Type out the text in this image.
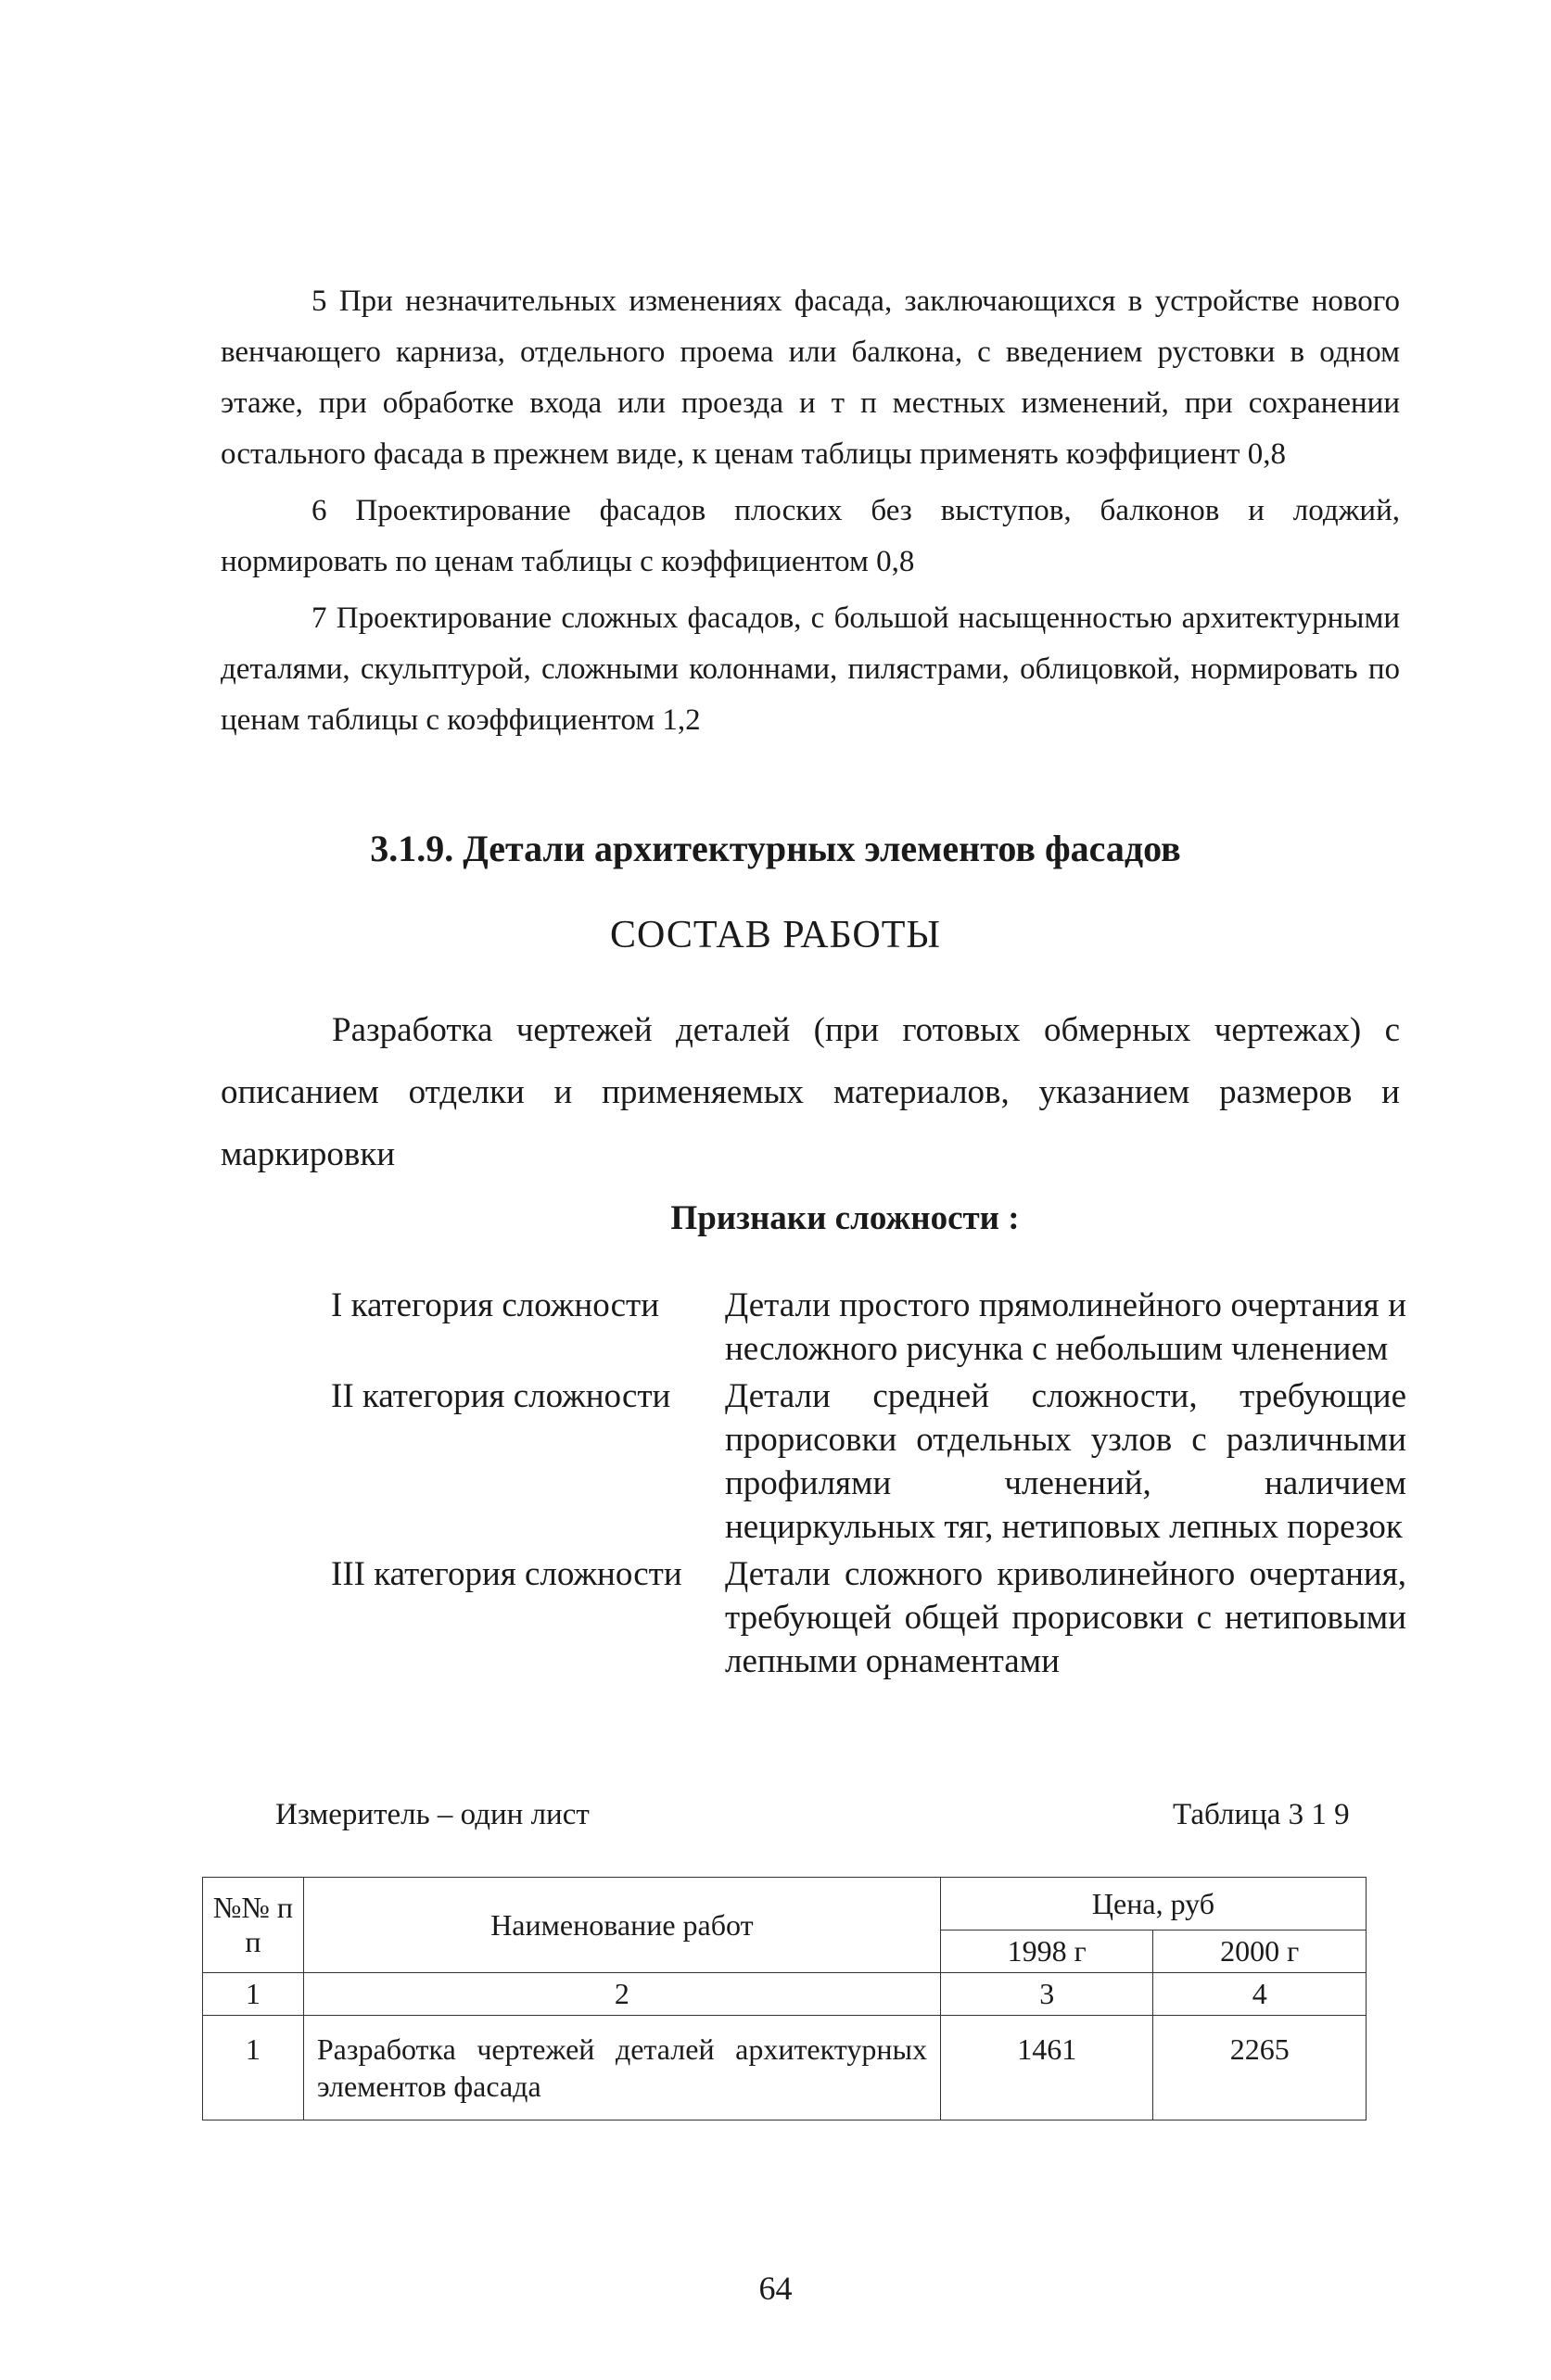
5 При незначительных изменениях фасада, заключающихся в устройстве нового венчающего карниза, отдельного проема или балкона, с введением рустовки в одном этаже, при обработке входа или проезда и т п местных изменений, при сохранении остального фасада в прежнем виде, к ценам таблицы применять коэффициент 0,8

6 Проектирование фасадов плоских без выступов, балконов и лоджий, нормировать по ценам таблицы с коэффициентом 0,8

7 Проектирование сложных фасадов, с большой насыщенностью архитектурными деталями, скульптурой, сложными колоннами, пилястрами, облицовкой, нормировать по ценам таблицы с коэффициентом 1,2

3.1.9. Детали архитектурных элементов фасадов
СОСТАВ РАБОТЫ

Разработка чертежей деталей (при готовых обмерных чертежах) с описанием отделки и применяемых материалов, указанием размеров и маркировки

Признаки сложности :
I категория сложности	Детали простого прямолинейного очертания и несложного рисунка с небольшим членением
II категория сложности	Детали средней сложности, требующие прорисовки отдельных узлов с различными профилями членений, наличием нециркульных тяг, нетиповых лепных порезок
III категория сложности	Детали сложного криволинейного очертания, требующей общей прорисовки с нетиповыми лепными орнаментами
Измеритель – один лист	Таблица 3 1 9
№№ п п	Наименование работ	Цена, руб	
		1998 г	2000 г
1	2	3	4
1	Разработка чертежей деталей архитектурных элементов фасада	1461	2265
64
